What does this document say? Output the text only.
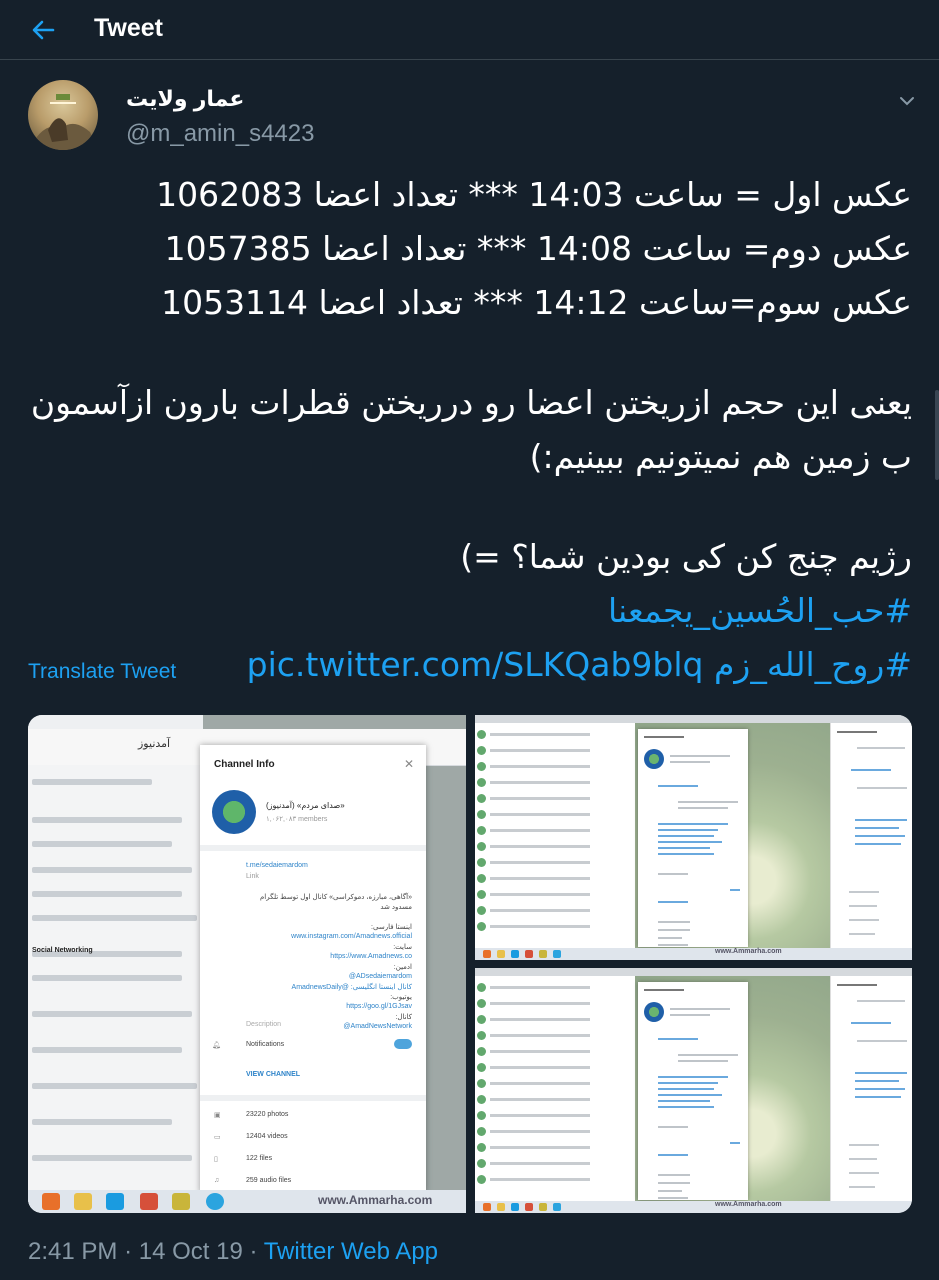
Tweet
عمار ولایت
@m_amin_s4423
عکس اول = ساعت 14:03 *** تعداد اعضا 1062083
عکس دوم= ساعت 14:08 *** تعداد اعضا 1057385
عکس سوم=ساعت 14:12 *** تعداد اعضا 1053114
یعنی این حجم ازریختن اعضا رو درریختن قطرات بارون ازآسمون
ب زمین هم نمیتونیم ببینیم:)
رژیم چنج کن کی بودین شما؟ =)
#حب_الحُسین_یجمعنا
#روح_الله_زم pic.twitter.com/SLKQab9blq
Translate Tweet
آمدنیوز
Social Networking
Channel Info	✕
«صدای مردم» (آمدنیوز)
۱,۰۶۲,۰۸۳ members
t.me/sedaiemardom
Link
«آگاهی، مبارزه، دموکراسی» کانال اول توسط تلگرام
مسدود شد
اینستا فارسی:
www.instagram.com/Amadnews.official
سایت:
https://www.Amadnews.co
ادمین:
@ADsedaiemardom
کانال اینستا انگلیسی: @AmadnewsDaily
یوتیوب:
https://goo.gl/1GJsav
کانال:
@AmadNewsNetwork
Description
🔔︎	Notifications
VIEW CHANNEL
▣	23220 photos
▭	12404 videos
▯	122 files
♫	259 audio files
www.Ammarha.com
www.Ammarha.com
www.Ammarha.com
2:41 PM · 14 Oct 19 · Twitter Web App
